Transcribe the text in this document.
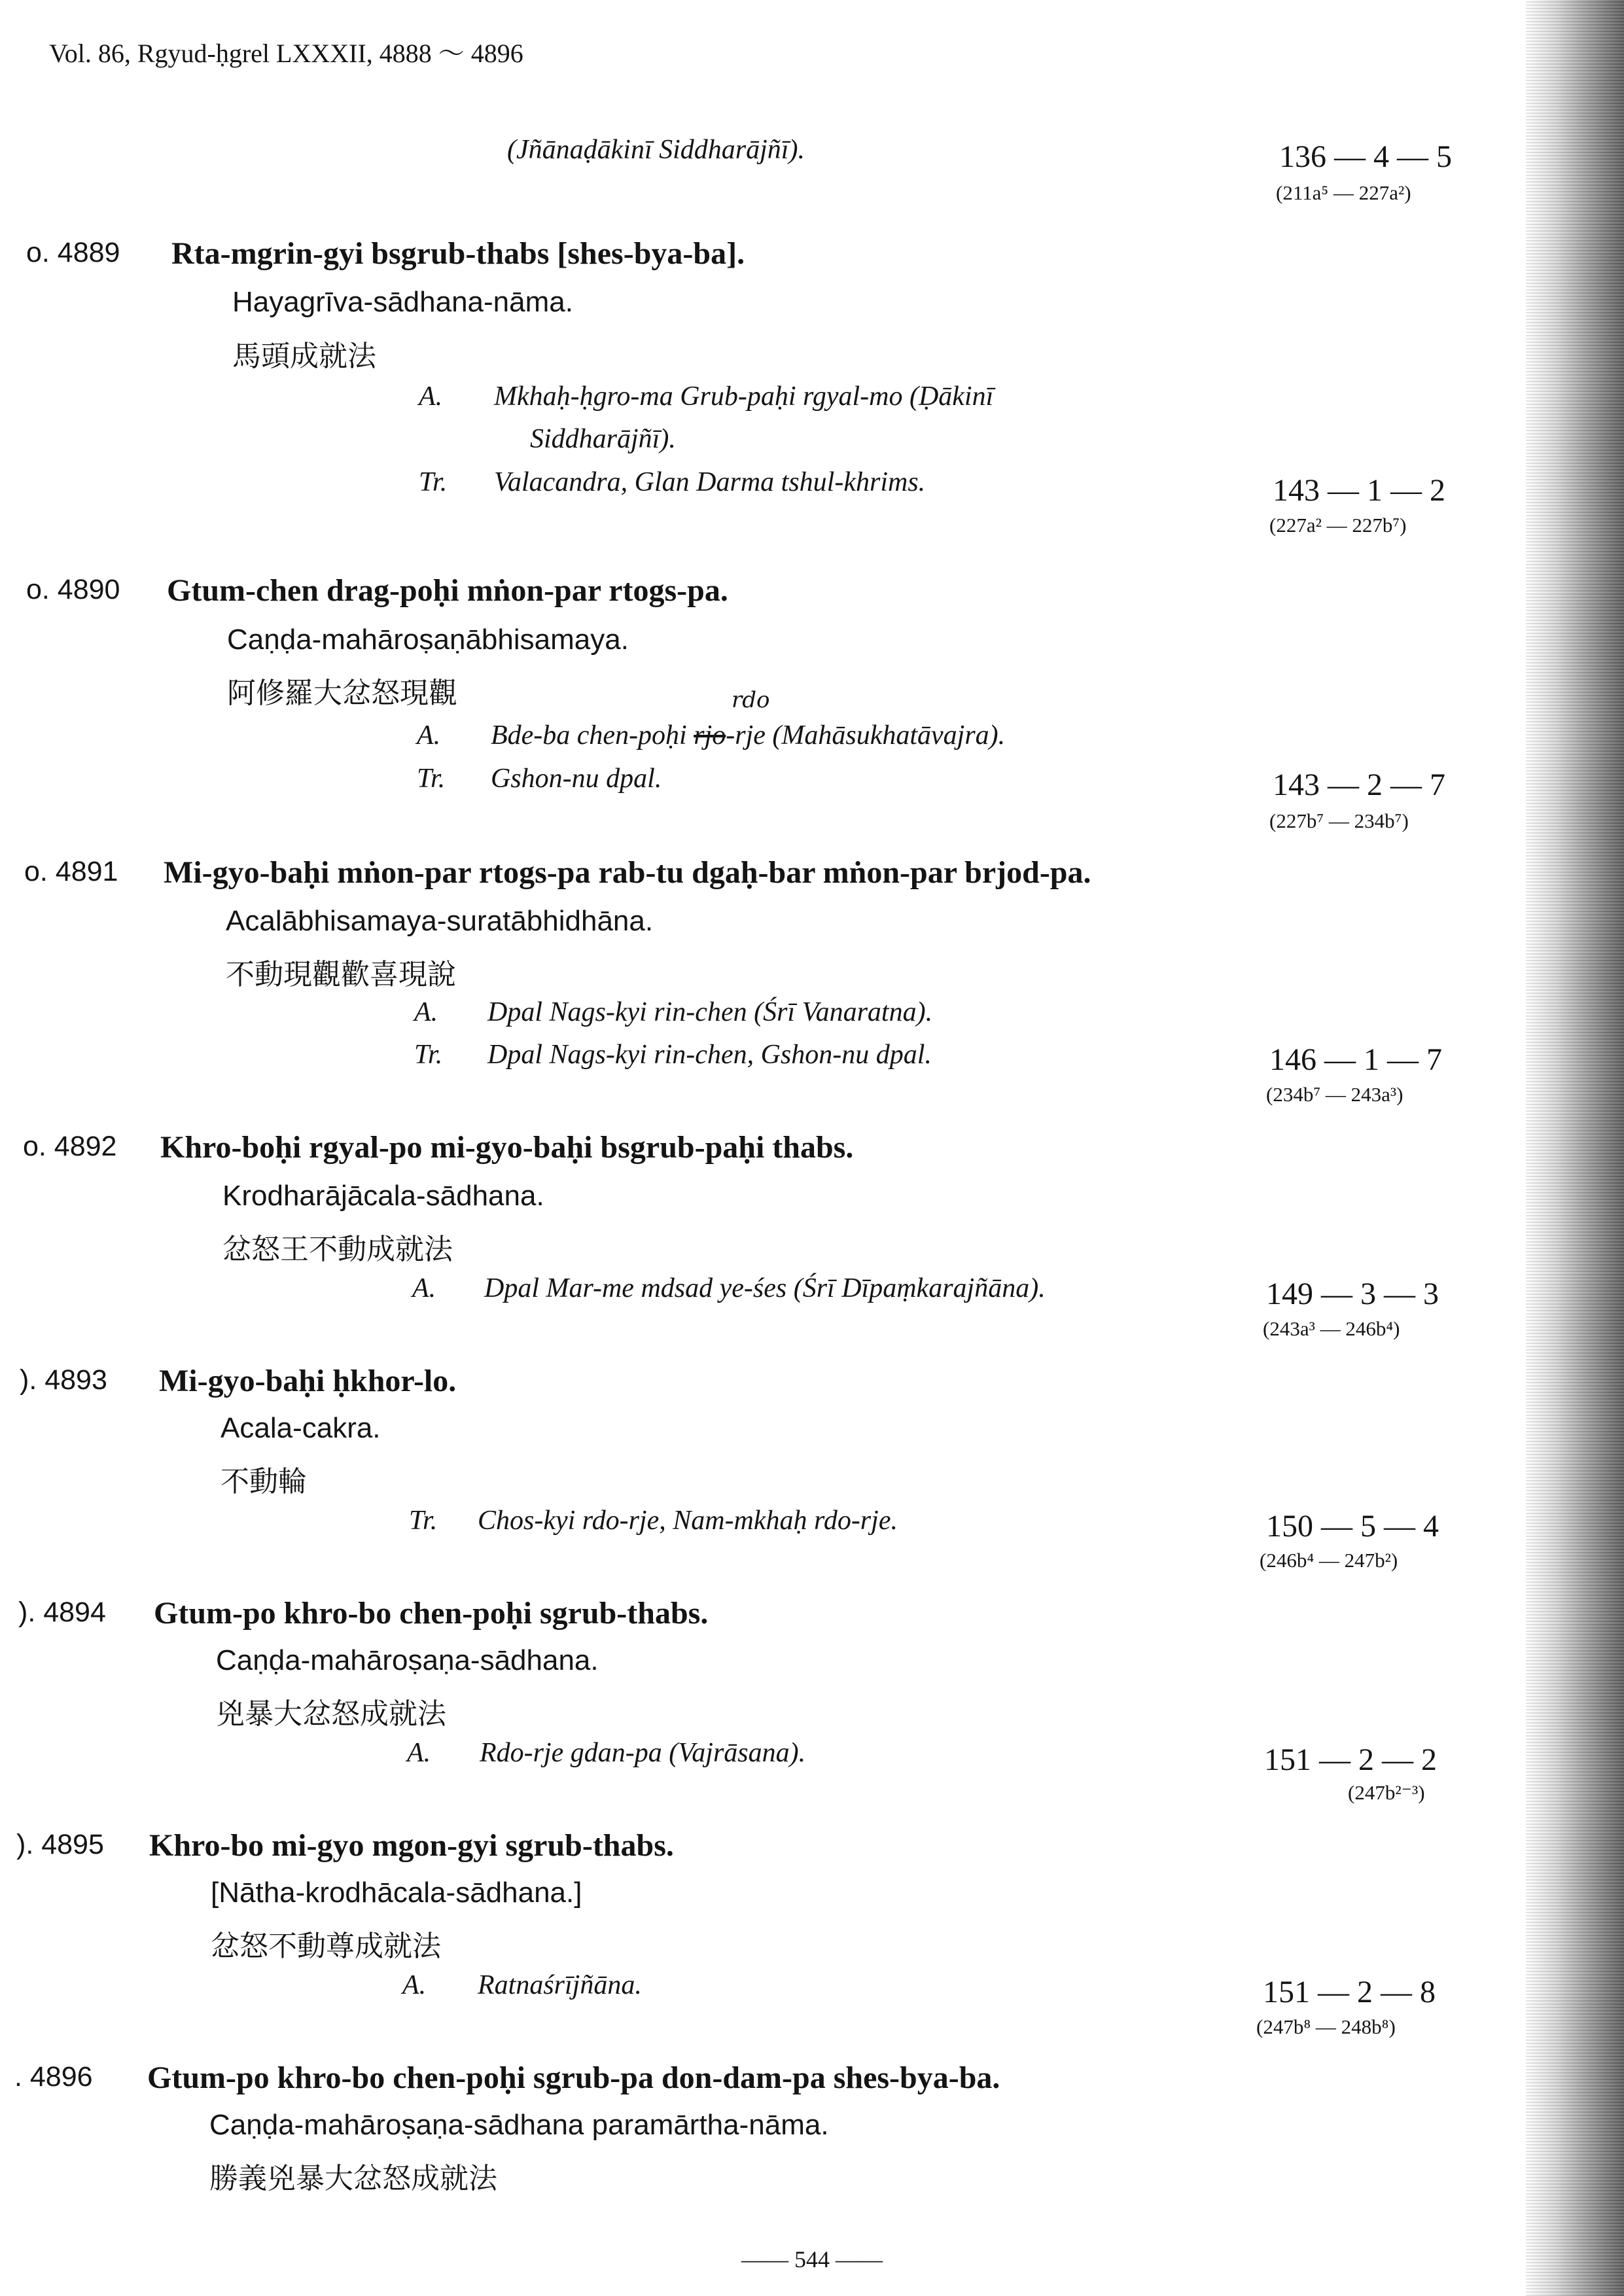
Vol. 86, Rgyud-ḥgrel LXXXII, 4888 ～ 4896
(Jñānaḍākinī Siddharājñī).	136 — 4 — 5
(211a⁵ — 227a²)
o. 4889 Rta-mgrin-gyi bsgrub-thabs [shes-bya-ba].
Hayagrīva-sādhana-nāma.
馬頭成就法
A. Mkhaḥ-ḥgro-ma Grub-paḥi rgyal-mo (Ḍākinī
Siddharājñī).
Tr. Valacandra, Glan Darma tshul-khrims.	143 — 1 — 2
(227a² — 227b⁷)
o. 4890 Gtum-chen drag-poḥi mṅon-par rtogs-pa.
Caṇḍa-mahāroṣaṇābhisamaya.
阿修羅大忿怒現觀	rdo
A. Bde-ba chen-poḥi rjo-rje (Mahāsukhatāvajra).
Tr. Gshon-nu dpal.	143 — 2 — 7
(227b⁷ — 234b⁷)
o. 4891 Mi-gyo-baḥi mṅon-par rtogs-pa rab-tu dgaḥ-bar mṅon-par brjod-pa.
Acalābhisamaya-suratābhidhāna.
不動現觀歡喜現說
A. Dpal Nags-kyi rin-chen (Śrī Vanaratna).
Tr. Dpal Nags-kyi rin-chen, Gshon-nu dpal.	146 — 1 — 7
(234b⁷ — 243a³)
o. 4892 Khro-boḥi rgyal-po mi-gyo-baḥi bsgrub-paḥi thabs.
Krodharājācala-sādhana.
忿怒王不動成就法
A. Dpal Mar-me mdsad ye-śes (Śrī Dīpaṃkarajñāna).	149 — 3 — 3
(243a³ — 246b⁴)
). 4893 Mi-gyo-baḥi ḥkhor-lo.
Acala-cakra.
不動輪
Tr. Chos-kyi rdo-rje, Nam-mkhaḥ rdo-rje.	150 — 5 — 4
(246b⁴ — 247b²)
). 4894 Gtum-po khro-bo chen-poḥi sgrub-thabs.
Caṇḍa-mahāroṣaṇa-sādhana.
兇暴大忿怒成就法
A. Rdo-rje gdan-pa (Vajrāsana).	151 — 2 — 2
(247b²⁻³)
). 4895 Khro-bo mi-gyo mgon-gyi sgrub-thabs.
[Nātha-krodhācala-sādhana.]
忿怒不動尊成就法
A. Ratnaśrījñāna.	151 — 2 — 8
(247b⁸ — 248b⁸)
. 4896 Gtum-po khro-bo chen-poḥi sgrub-pa don-dam-pa shes-bya-ba.
Caṇḍa-mahāroṣaṇa-sādhana paramārtha-nāma.
勝義兇暴大忿怒成就法
—— 544 ——
